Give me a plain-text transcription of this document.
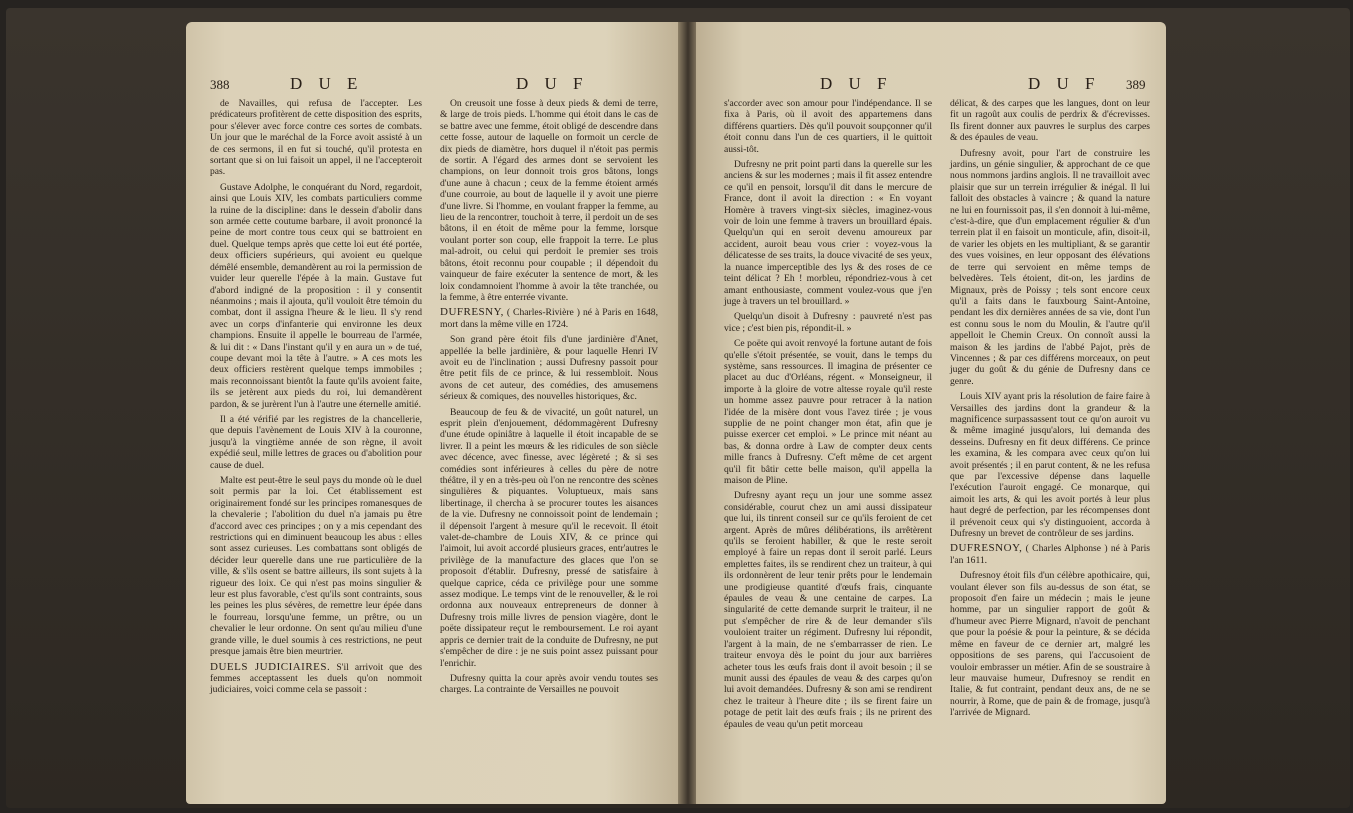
388	D U E	D U F

de Navailles, qui refusa de l'accepter. Les prédicateurs profitèrent de cette disposition des esprits, pour s'élever avec force contre ces sortes de combats. Un jour que le maréchal de la Force avoit assisté à un de ces sermons, il en fut si touché, qu'il protesta en sortant que si on lui faisoit un appel, il ne l'accepteroit pas.

Gustave Adolphe, le conquérant du Nord, regardoit, ainsi que Louis XIV, les combats particuliers comme la ruine de la discipline: dans le dessein d'abolir dans son armée cette coutume barbare, il avoit prononcé la peine de mort contre tous ceux qui se battroient en duel. Quelque temps après que cette loi eut été portée, deux officiers supérieurs, qui avoient eu quelque démêlé ensemble, demandèrent au roi la permission de vuider leur querelle l'épée à la main. Gustave fut d'abord indigné de la proposition : il y consentit néanmoins ; mais il ajouta, qu'il vouloit être témoin du combat, dont il assigna l'heure & le lieu. Il s'y rend avec un corps d'infanterie qui environne les deux champions. Ensuite il appelle le bourreau de l'armée, & lui dit : « Dans l'instant qu'il y en aura un » de tué, coupe devant moi la tête à l'autre. » A ces mots les deux officiers restèrent quelque temps immobiles ; mais reconnoissant bientôt la faute qu'ils avoient faite, ils se jetèrent aux pieds du roi, lui demandèrent pardon, & se jurèrent l'un à l'autre une éternelle amitié.

Il a été vérifié par les registres de la chancellerie, que depuis l'avènement de Louis XIV à la couronne, jusqu'à la vingtième année de son règne, il avoit expédié seul, mille lettres de graces ou d'abolition pour cause de duel.

Malte est peut-être le seul pays du monde où le duel soit permis par la loi. Cet établissement est originairement fondé sur les principes romanesques de la chevalerie ; l'abolition du duel n'a jamais pu être d'accord avec ces principes ; on y a mis cependant des restrictions qui en diminuent beaucoup les abus : elles sont assez curieuses. Les combattans sont obligés de décider leur querelle dans une rue particulière de la ville, & s'ils osent se battre ailleurs, ils sont sujets à la rigueur des loix. Ce qui n'est pas moins singulier & leur est plus favorable, c'est qu'ils sont contraints, sous les peines les plus sévères, de remettre leur épée dans le fourreau, lorsqu'une femme, un prêtre, ou un chevalier le leur ordonne. On sent qu'au milieu d'une grande ville, le duel soumis à ces restrictions, ne peut presque jamais être bien meurtrier.

DUELS JUDICIAIRES. S'il arrivoit que des femmes acceptassent les duels qu'on nommoit judiciaires, voici comme cela se passoit :

On creusoit une fosse à deux pieds & demi de terre, & large de trois pieds. L'homme qui étoit dans le cas de se battre avec une femme, étoit obligé de descendre dans cette fosse, autour de laquelle on formoit un cercle de dix pieds de diamètre, hors duquel il n'étoit pas permis de sortir. A l'égard des armes dont se servoient les champions, on leur donnoit trois gros bâtons, longs d'une aune à chacun ; ceux de la femme étoient armés d'une courroie, au bout de laquelle il y avoit une pierre d'une livre. Si l'homme, en voulant frapper la femme, au lieu de la rencontrer, touchoit à terre, il perdoit un de ses bâtons, il en étoit de même pour la femme, lorsque voulant porter son coup, elle frappoit la terre. Le plus mal-adroit, ou celui qui perdoit le premier ses trois bâtons, étoit reconnu pour coupable ; il dépendoit du vainqueur de faire exécuter la sentence de mort, & les loix condamnoient l'homme à avoir la tête tranchée, ou la femme, à être enterrée vivante.

DUFRESNY, ( Charles-Rivière ) né à Paris en 1648, mort dans la même ville en 1724.

Son grand père étoit fils d'une jardinière d'Anet, appellée la belle jardinière, & pour laquelle Henri IV avoit eu de l'inclination ; aussi Dufresny passoit pour être petit fils de ce prince, & lui ressembloit. Nous avons de cet auteur, des comédies, des amusemens sérieux & comiques, des nouvelles historiques, &c.

Beaucoup de feu & de vivacité, un goût naturel, un esprit plein d'enjouement, dédommagèrent Dufresny d'une étude opiniâtre à laquelle il étoit incapable de se livrer. Il a peint les mœurs & les ridicules de son siècle avec décence, avec finesse, avec légèreté ; & si ses comédies sont inférieures à celles du père de notre théâtre, il y en a très-peu où l'on ne rencontre des scènes singulières & piquantes. Voluptueux, mais sans libertinage, il chercha à se procurer toutes les aisances de la vie. Dufresny ne connoissoit point de lendemain ; il dépensoit l'argent à mesure qu'il le recevoit. Il étoit valet-de-chambre de Louis XIV, & ce prince qui l'aimoit, lui avoit accordé plusieurs graces, entr'autres le privilège de la manufacture des glaces que l'on se proposoit d'établir. Dufresny, pressé de satisfaire à quelque caprice, céda ce privilège pour une somme assez modique. Le temps vint de le renouveller, & le roi ordonna aux nouveaux entrepreneurs de donner à Dufresny trois mille livres de pension viagère, dont le poëte dissipateur reçut le remboursement. Le roi ayant appris ce dernier trait de la conduite de Dufresny, ne put s'empêcher de dire : je ne suis point assez puissant pour l'enrichir.

Dufresny quitta la cour après avoir vendu toutes ses charges. La contrainte de Versailles ne pouvoit

D U F	D U F 389

s'accorder avec son amour pour l'indépendance. Il se fixa à Paris, où il avoit des appartemens dans différens quartiers. Dès qu'il pouvoit soupçonner qu'il étoit connu dans l'un de ces quartiers, il le quittoit aussi-tôt.

Dufresny ne prit point parti dans la querelle sur les anciens & sur les modernes ; mais il fit assez entendre ce qu'il en pensoit, lorsqu'il dit dans le mercure de France, dont il avoit la direction : « En voyant Homère à travers vingt-six siècles, imaginez-vous voir de loin une femme à travers un brouillard épais. Quelqu'un qui en seroit devenu amoureux par accident, auroit beau vous crier : voyez-vous la délicatesse de ses traits, la douce vivacité de ses yeux, la nuance imperceptible des lys & des roses de ce teint délicat ? Eh ! morbleu, répondriez-vous à cet amant enthousiaste, comment voulez-vous que j'en juge à travers un tel brouillard. »

Quelqu'un disoit à Dufresny : pauvreté n'est pas vice ; c'est bien pis, répondit-il. »

Ce poëte qui avoit renvoyé la fortune autant de fois qu'elle s'étoit présentée, se vouit, dans le temps du système, sans ressources. Il imagina de présenter ce placet au duc d'Orléans, régent. « Monseigneur, il importe à la gloire de votre altesse royale qu'il reste un homme assez pauvre pour retracer à la nation l'idée de la misère dont vous l'avez tirée ; je vous supplie de ne point changer mon état, afin que je puisse exercer cet emploi. » Le prince mit néant au bas, & donna ordre à Law de compter deux cents mille francs à Dufresny. C'eft même de cet argent qu'il fit bâtir cette belle maison, qu'il appella la maison de Pline.

Dufresny ayant reçu un jour une somme assez considérable, courut chez un ami aussi dissipateur que lui, ils tinrent conseil sur ce qu'ils feroient de cet argent. Après de mûres délibérations, ils arrêtèrent qu'ils se feroient habiller, & que le reste seroit employé à faire un repas dont il seroit parlé. Leurs emplettes faites, ils se rendirent chez un traiteur, à qui ils ordonnèrent de leur tenir prêts pour le lendemain une prodigieuse quantité d'œufs frais, cinquante épaules de veau & une centaine de carpes. La singularité de cette demande surprit le traiteur, il ne put s'empêcher de rire & de leur demander s'ils vouloient traiter un régiment. Dufresny lui répondit, l'argent à la main, de ne s'embarrasser de rien. Le traiteur envoya dès le point du jour aux barrières acheter tous les œufs frais dont il avoit besoin ; il se munit aussi des épaules de veau & des carpes qu'on lui avoit demandées. Dufresny & son ami se rendirent chez le traiteur à l'heure dite ; ils se firent faire un potage de petit lait des œufs frais ; ils ne prirent des épaules de veau qu'un petit morceau

délicat, & des carpes que les langues, dont on leur fit un ragoût aux coulis de perdrix & d'écrevisses. Ils firent donner aux pauvres le surplus des carpes & des épaules de veau.

Dufresny avoit, pour l'art de construire les jardins, un génie singulier, & approchant de ce que nous nommons jardins anglois. Il ne travailloit avec plaisir que sur un terrein irrégulier & inégal. Il lui falloit des obstacles à vaincre ; & quand la nature ne lui en fournissoit pas, il s'en donnoit à lui-même, c'est-à-dire, que d'un emplacement régulier & d'un terrein plat il en faisoit un monticule, afin, disoit-il, de varier les objets en les multipliant, & se garantir des vues voisines, en leur opposant des élévations de terre qui servoient en même temps de belvedères. Tels étoient, dit-on, les jardins de Mignaux, près de Poissy ; tels sont encore ceux qu'il a faits dans le fauxbourg Saint-Antoine, pendant les dix dernières années de sa vie, dont l'un est connu sous le nom du Moulin, & l'autre qu'il appelloit le Chemin Creux. On connoît aussi la maison & les jardins de l'abbé Pajot, près de Vincennes ; & par ces différens morceaux, on peut juger du goût & du génie de Dufresny dans ce genre.

Louis XIV ayant pris la résolution de faire faire à Versailles des jardins dont la grandeur & la magnificence surpassassent tout ce qu'on auroit vu & même imaginé jusqu'alors, lui demanda des desseins. Dufresny en fit deux différens. Ce prince les examina, & les compara avec ceux qu'on lui avoit présentés ; il en parut content, & ne les refusa que par l'excessive dépense dans laquelle l'exécution l'auroit engagé. Ce monarque, qui aimoit les arts, & qui les avoit portés à leur plus haut degré de perfection, par les récompenses dont il prévenoit ceux qui s'y distinguoient, accorda à Dufresny un brevet de contrôleur de ses jardins.

DUFRESNOY, ( Charles Alphonse ) né à Paris l'an 1611.

Dufresnoy étoit fils d'un célèbre apothicaire, qui, voulant élever son fils au-dessus de son état, se proposoit d'en faire un médecin ; mais le jeune homme, par un singulier rapport de goût & d'humeur avec Pierre Mignard, n'avoit de penchant que pour la poésie & pour la peinture, & se décida même en faveur de ce dernier art, malgré les oppositions de ses parens, qui l'accusoient de vouloir embrasser un métier. Afin de se soustraire à leur mauvaise humeur, Dufresnoy se rendit en Italie, & fut contraint, pendant deux ans, de ne se nourrir, à Rome, que de pain & de fromage, jusqu'à l'arrivée de Mignard.
